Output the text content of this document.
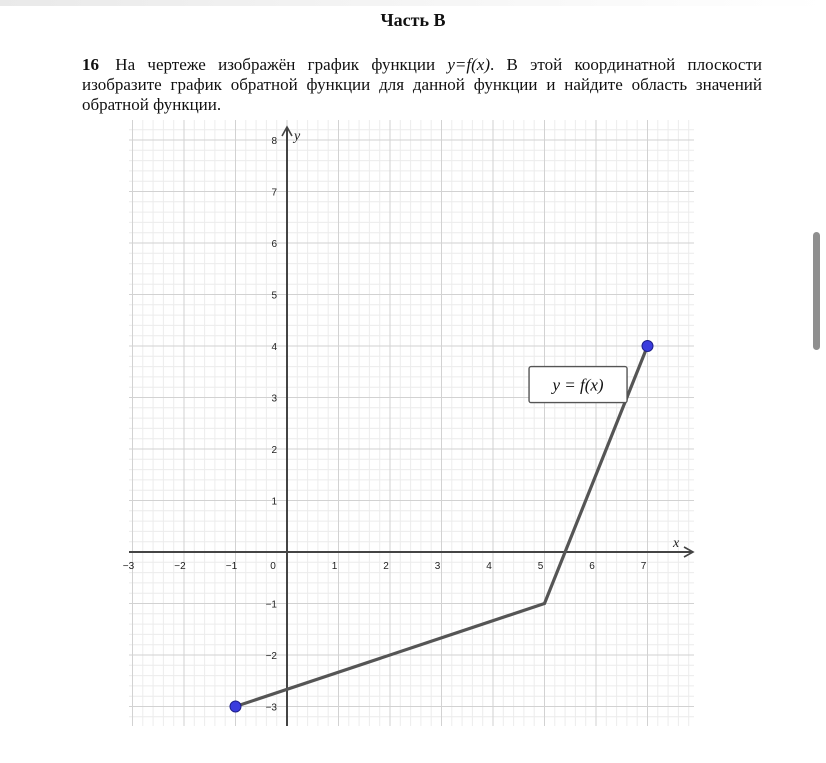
Часть В
16 На чертеже изображён график функции y=f(x). В этой координатной плоскости изобразите график обратной функции для данной функции и найдите область значений обратной функции.
x
y
−3	−2	−1	0	1	2	3	4	5	6	7
8
7
6
5
4
3
2
1
−1
−2
−3
y = f(x)
